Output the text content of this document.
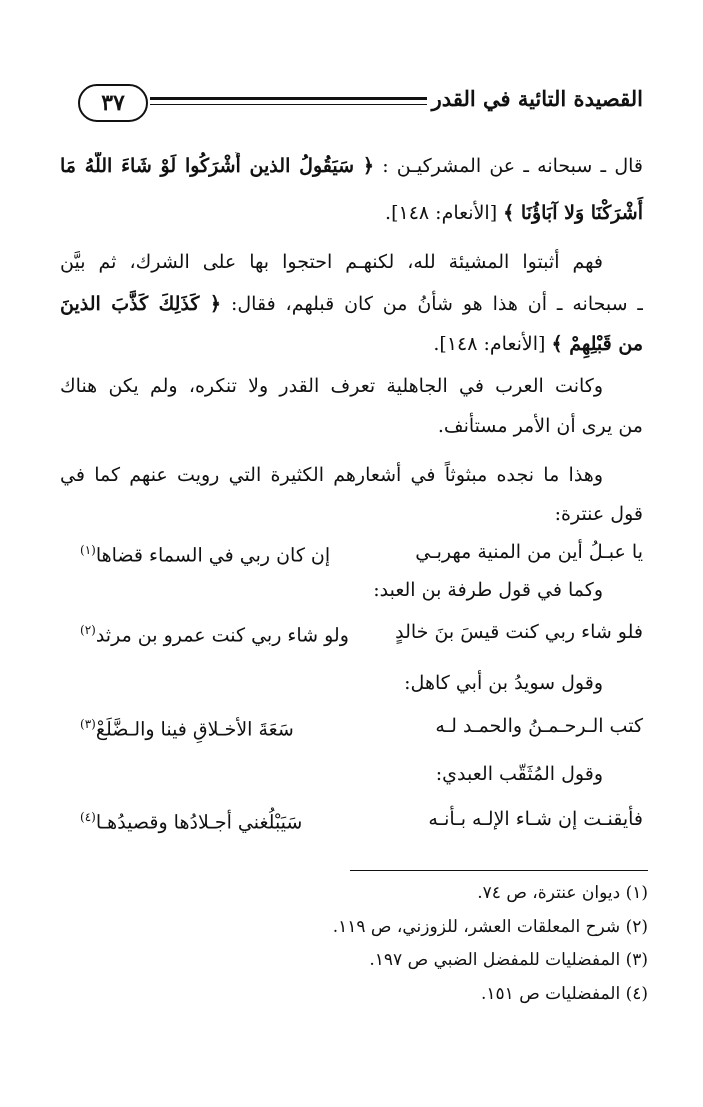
القصيدة التائية في القدر
٣٧
قال ـ سبحانه ـ عن المشركيـن : ﴿ سَيَقُولُ الذين أَشْرَكُوا لَوْ شَاءَ اللَّهُ مَا
أَشْرَكْنَا وَلا آبَاؤُنَا ﴾ [الأنعام: ١٤٨].
فهم أثبتوا المشيئة لله، لكنهـم احتجوا بها على الشرك، ثم بيَّن
ـ سبحانه ـ أن هذا هو شأنُ من كان قبلهم، فقال: ﴿ كَذَلِكَ كَذَّبَ الذينَ
من قَبْلِهِمْ ﴾ [الأنعام: ١٤٨].
وكانت العرب في الجاهلية تعرف القدر ولا تنكره، ولم يكن هناك
من يرى أن الأمر مستأنف.
وهذا ما نجده مبثوثاً في أشعارهم الكثيرة التي رويت عنهم كما في
قول عنترة:
يا عبـلُ أين من المنية مهربـي
إن كان ربي في السماء قضاها$^{(١)}$
وكما في قول طرفة بن العبد:
فلو شاء ربي كنت قيسَ بنَ خالدٍ
ولو شاء ربي كنت عمرو بن مرثد$^{(٢)}$
وقول سويدُ بن أبي كاهل:
كتب الـرحـمـنُ والحمـد لـه
سَعَةَ الأخـلاقِ فينا والـضَّلَعْ$^{(٣)}$
وقول المُثَقّب العبدي:
فأيقنـت إن شـاء الإلـه بـأنـه
سَيَبْلُغني أجـلادُها وقصيدُهـا$^{(٤)}$
(١) ديوان عنترة، ص ٧٤.
(٢) شرح المعلقات العشر، للزوزني، ص ١١٩.
(٣) المفضليات للمفضل الضبي ص ١٩٧.
(٤) المفضليات ص ١٥١.
